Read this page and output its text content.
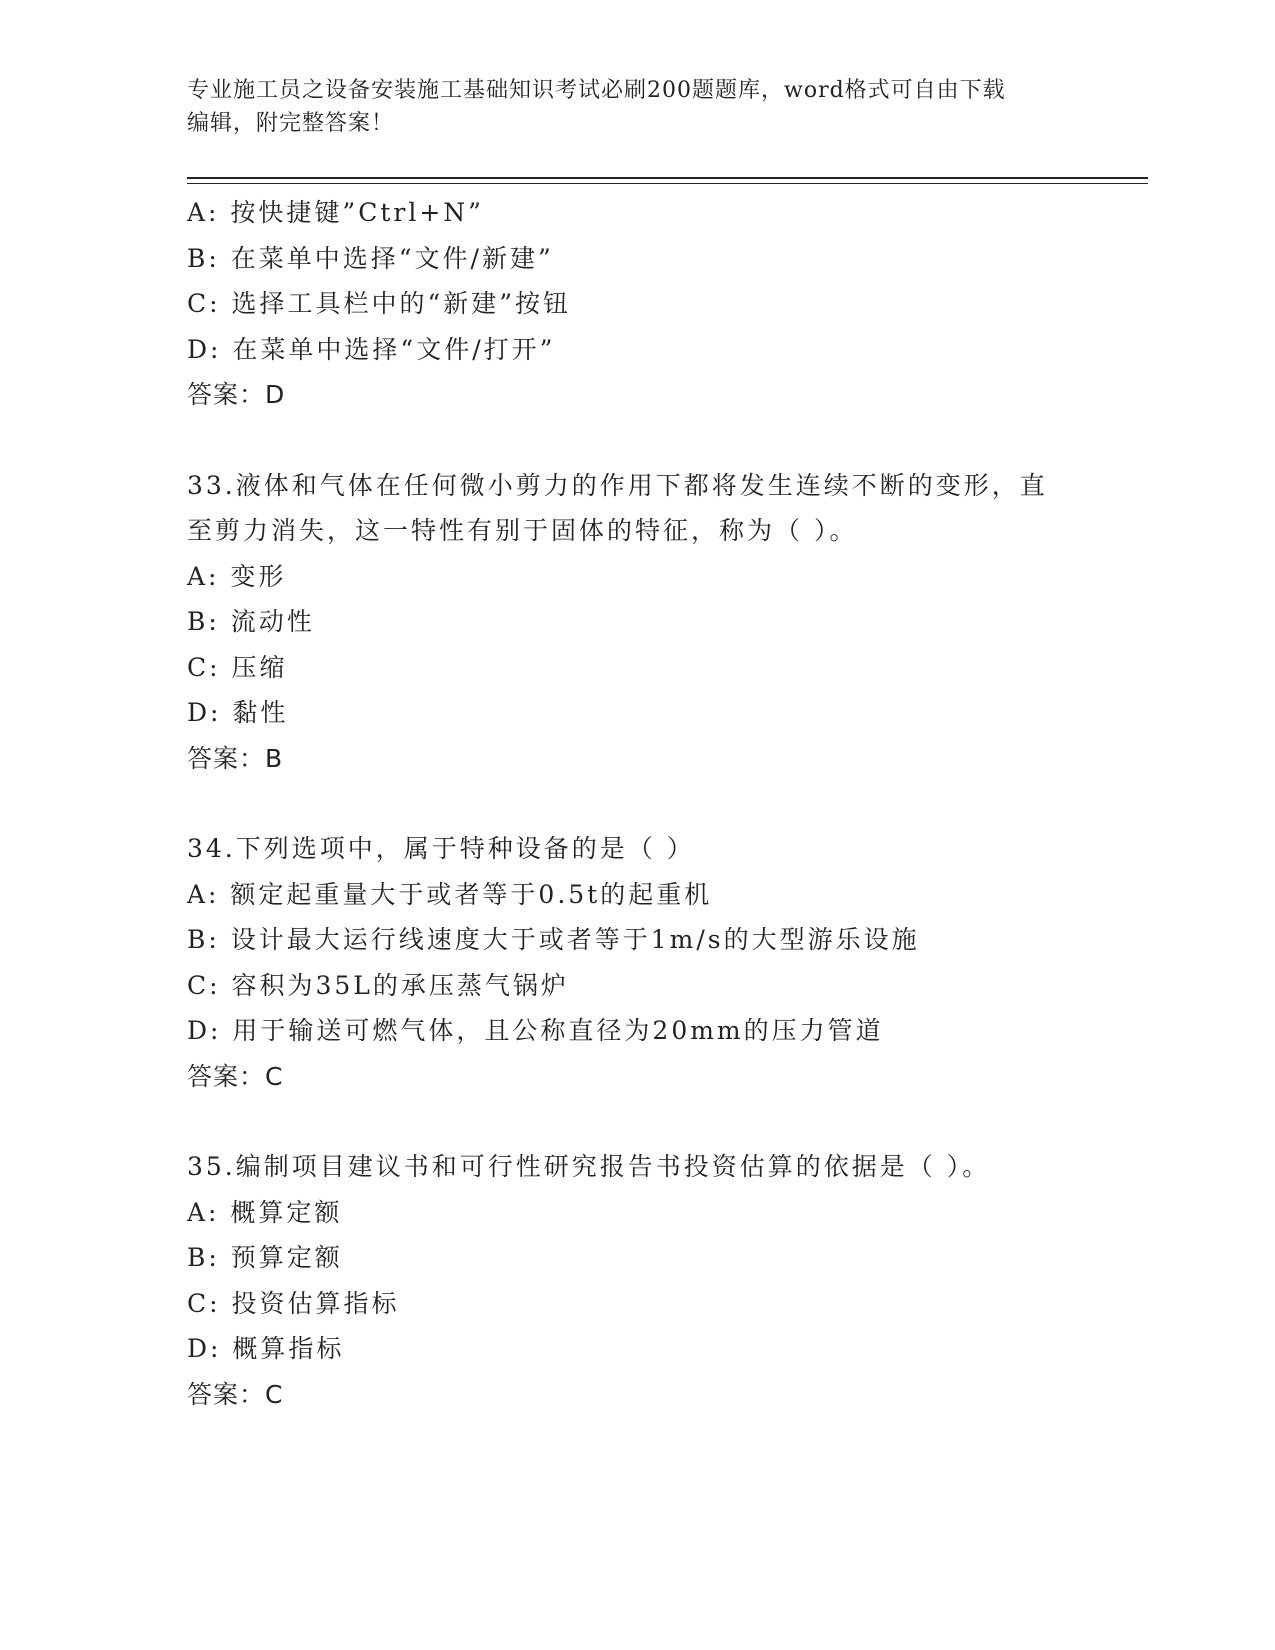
专业施工员之设备安装施工基础知识考试必刷200题题库，word格式可自由下载
编辑，附完整答案！
A: 按快捷键”Ctrl+N”
B: 在菜单中选择“文件/新建”
C: 选择工具栏中的“新建”按钮
D: 在菜单中选择“文件/打开”
答案：D
33.液体和气体在任何微小剪力的作用下都将发生连续不断的变形，直
至剪力消失，这一特性有别于固体的特征，称为（ ）。
A: 变形
B: 流动性
C: 压缩
D: 黏性
答案：B
34.下列选项中，属于特种设备的是（ ）
A: 额定起重量大于或者等于0.5t的起重机
B: 设计最大运行线速度大于或者等于1m/s的大型游乐设施
C: 容积为35L的承压蒸气锅炉
D: 用于输送可燃气体，且公称直径为20mm的压力管道
答案：C
35.编制项目建议书和可行性研究报告书投资估算的依据是（ ）。
A: 概算定额
B: 预算定额
C: 投资估算指标
D: 概算指标
答案：C
